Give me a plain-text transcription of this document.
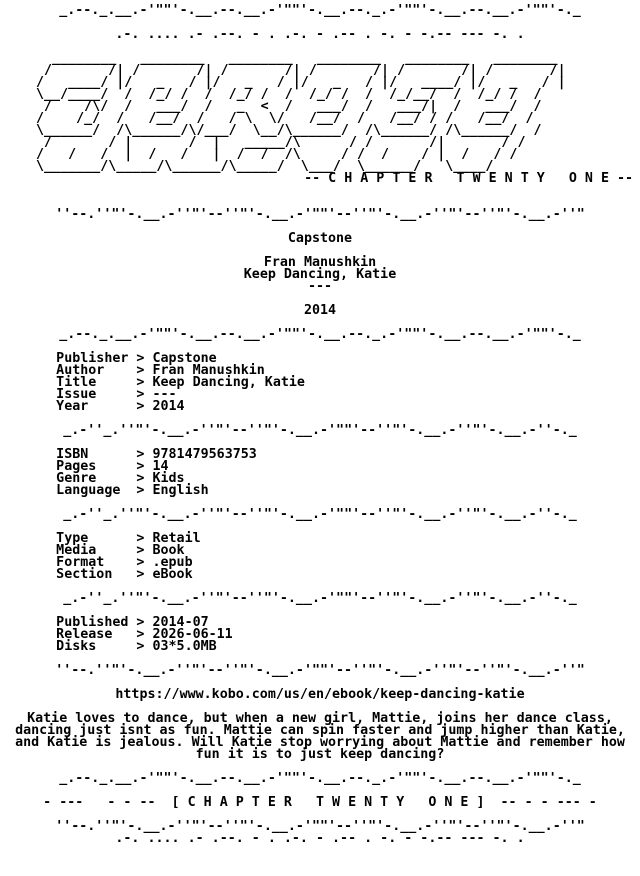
_.--._.__.-'""'-.__.--.__.-'""'-.__.--._.-'""'-.__.--.__.-'""'-._

.-. .... .- .--. - . .-. - .-- . -. - -.-- --- -. .

________   ________   ________   ________   ________   ________
/       /| /       /| /       /| /       /| /       /| /       /|
/   ____/ |/   _   / |/   _   / |/   _   / |/   ____/ |/   _   / |
\__/____/  /  /_/ /  /  /_/ /  /  /_/ /  /  /_/__/  /  /_/ /  /
/    /\/  /   ___/  /   _  <  /   ___/  /   ___/|  /   ___/  /
/    /_/  /   /__/  /   / \  \/   /__/  /   /__/ / /   /__/  /
\______/  /\______/\/___/  \__/\______/  /\______/ /\______/  /
/       / |       /  |   _____/\      / /       /|       / /
/   /   /  |  /   /   |  /  /  /\     / /  /    / |  /   / /
\_______/\_____/\______/\_____/  \___/  \______/   \____/
-- C H A P T E R   T W E N T Y   O N E --

''--.''"'-.__.-''"'--''"'-.__.-'""'--''"'-.__.-''"'--''"'-.__.-''"

Capstone

Fran Manushkin
Keep Dancing, Katie
---

2014

_.--._.__.-'""'-.__.--.__.-'""'-.__.--._.-'""'-.__.--.__.-'""'-._

Publisher > Capstone
Author    > Fran Manushkin
Title     > Keep Dancing, Katie
Issue     > ---
Year      > 2014

_.-''_.''"'-.__.-''"'--''"'-.__.-'""'--''"'-.__.-''"'-.__.-''-._

ISBN      > 9781479563753
Pages     > 14
Genre     > Kids
Language  > English

_.-''_.''"'-.__.-''"'--''"'-.__.-'""'--''"'-.__.-''"'-.__.-''-._

Type      > Retail
Media     > Book
Format    > .epub
Section   > eBook

_.-''_.''"'-.__.-''"'--''"'-.__.-'""'--''"'-.__.-''"'-.__.-''-._

Published > 2014-07
Release   > 2026-06-11
Disks     > 03*5.0MB

''--.''"'-.__.-''"'--''"'-.__.-'""'--''"'-.__.-''"'--''"'-.__.-''"

https://www.kobo.com/us/en/ebook/keep-dancing-katie

Katie loves to dance, but when a new girl, Mattie, joins her dance class,
dancing just isnt as fun. Mattie can spin faster and jump higher than Katie,
and Katie is jealous. Will Katie stop worrying about Mattie and remember how
fun it is to just keep dancing?

_.--._.__.-'""'-.__.--.__.-'""'-.__.--._.-'""'-.__.--.__.-'""'-._

- ---   - - --  [ C H A P T E R   T W E N T Y   O N E ]  -- - - --- -

''--.''"'-.__.-''"'--''"'-.__.-'""'--''"'-.__.-''"'--''"'-.__.-''"
.-. .... .- .--. - . .-. - .-- . -. - -.-- --- -. .
